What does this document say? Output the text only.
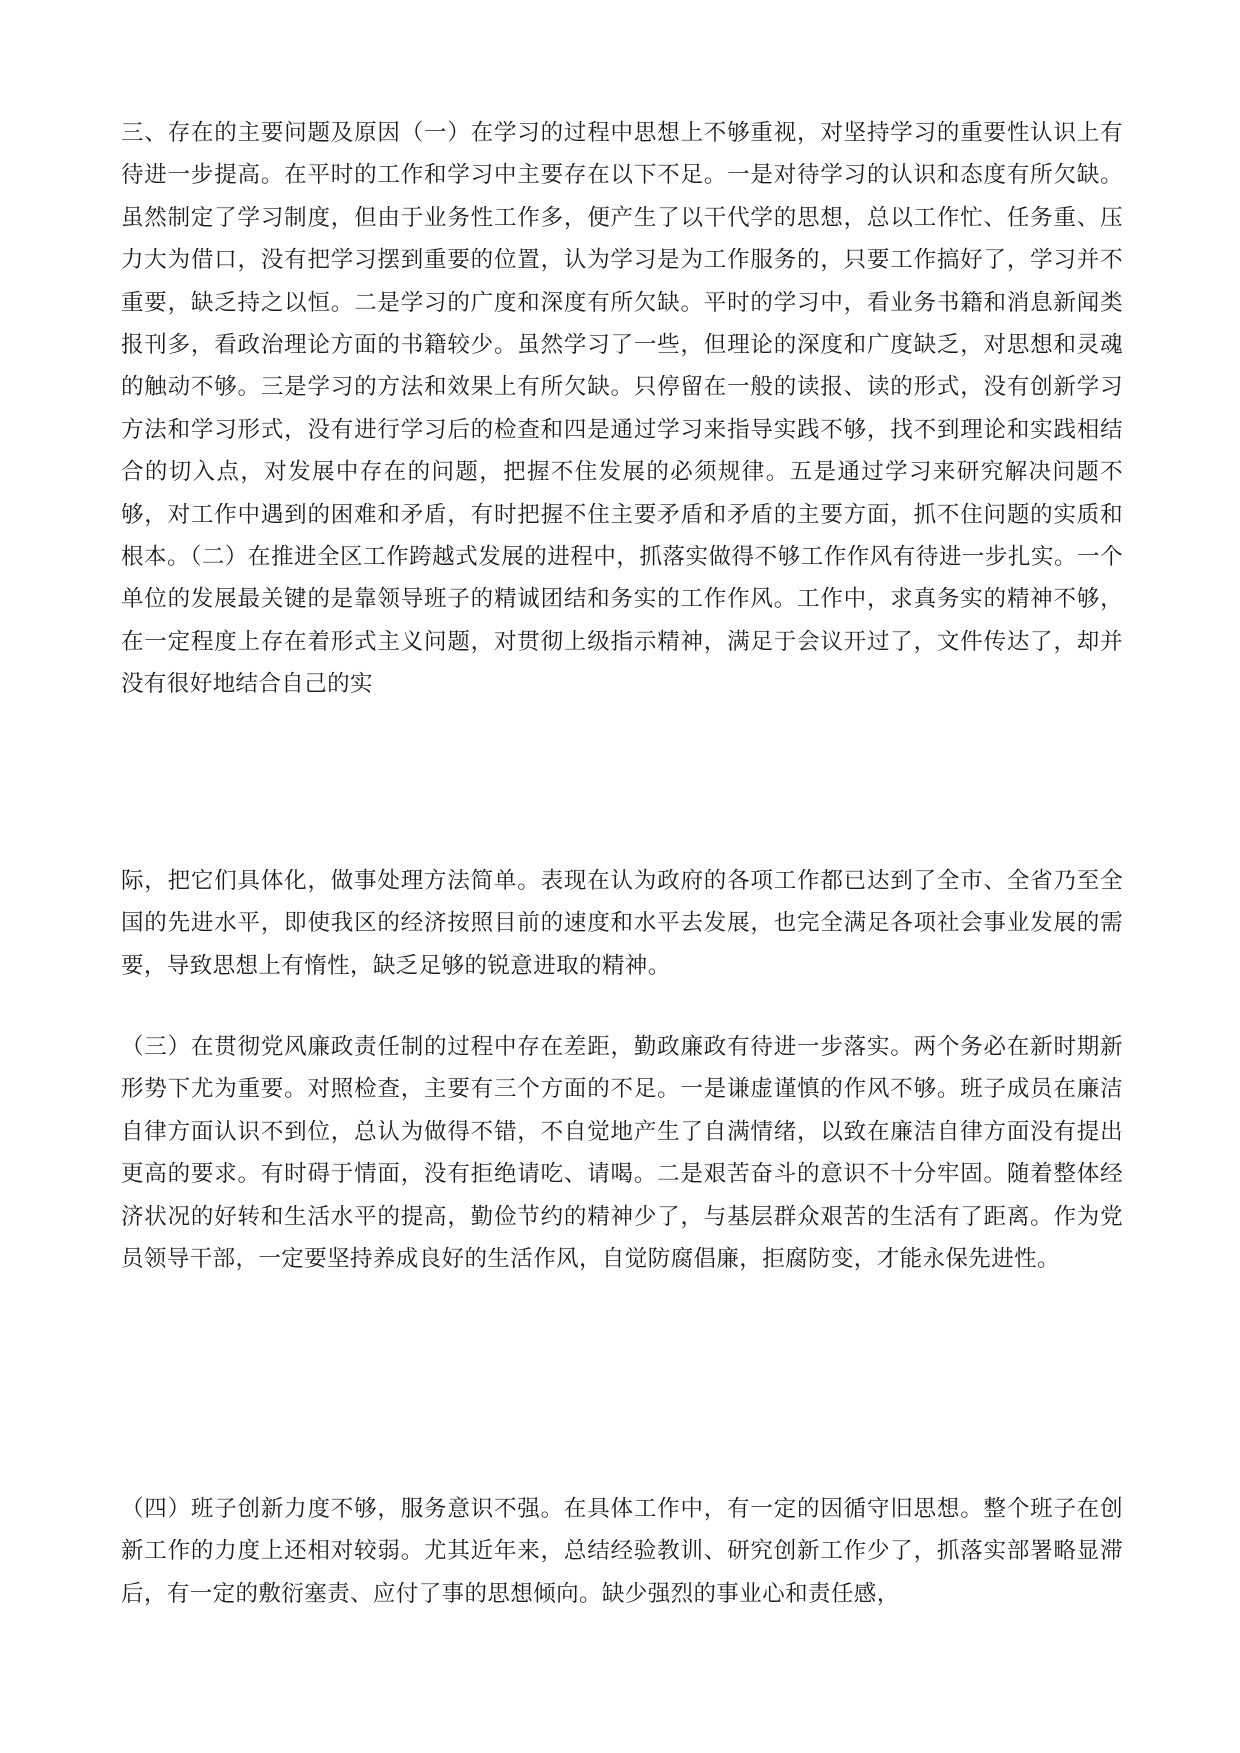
三、存在的主要问题及原因（一）在学习的过程中思想上不够重视，对坚持学习的重要性认识上有待进一步提高。在平时的工作和学习中主要存在以下不足。一是对待学习的认识和态度有所欠缺。虽然制定了学习制度，但由于业务性工作多，便产生了以干代学的思想，总以工作忙、任务重、压力大为借口，没有把学习摆到重要的位置，认为学习是为工作服务的，只要工作搞好了，学习并不重要，缺乏持之以恒。二是学习的广度和深度有所欠缺。平时的学习中，看业务书籍和消息新闻类报刊多，看政治理论方面的书籍较少。虽然学习了一些，但理论的深度和广度缺乏，对思想和灵魂的触动不够。三是学习的方法和效果上有所欠缺。只停留在一般的读报、读的形式，没有创新学习方法和学习形式，没有进行学习后的检查和四是通过学习来指导实践不够，找不到理论和实践相结合的切入点，对发展中存在的问题，把握不住发展的必须规律。五是通过学习来研究解决问题不够，对工作中遇到的困难和矛盾，有时把握不住主要矛盾和矛盾的主要方面，抓不住问题的实质和根本。（二）在推进全区工作跨越式发展的进程中，抓落实做得不够工作作风有待进一步扎实。一个单位的发展最关键的是靠领导班子的精诚团结和务实的工作作风。工作中，求真务实的精神不够，在一定程度上存在着形式主义问题，对贯彻上级指示精神，满足于会议开过了，文件传达了，却并没有很好地结合自己的实

际，把它们具体化，做事处理方法简单。表现在认为政府的各项工作都已达到了全市、全省乃至全国的先进水平，即使我区的经济按照目前的速度和水平去发展，也完全满足各项社会事业发展的需要，导致思想上有惰性，缺乏足够的锐意进取的精神。

（三）在贯彻党风廉政责任制的过程中存在差距，勤政廉政有待进一步落实。两个务必在新时期新形势下尤为重要。对照检查，主要有三个方面的不足。一是谦虚谨慎的作风不够。班子成员在廉洁自律方面认识不到位，总认为做得不错，不自觉地产生了自满情绪，以致在廉洁自律方面没有提出更高的要求。有时碍于情面，没有拒绝请吃、请喝。二是艰苦奋斗的意识不十分牢固。随着整体经济状况的好转和生活水平的提高，勤俭节约的精神少了，与基层群众艰苦的生活有了距离。作为党员领导干部，一定要坚持养成良好的生活作风，自觉防腐倡廉，拒腐防变，才能永保先进性。

（四）班子创新力度不够，服务意识不强。在具体工作中，有一定的因循守旧思想。整个班子在创新工作的力度上还相对较弱。尤其近年来，总结经验教训、研究创新工作少了，抓落实部署略显滞后，有一定的敷衍塞责、应付了事的思想倾向。缺少强烈的事业心和责任感，
